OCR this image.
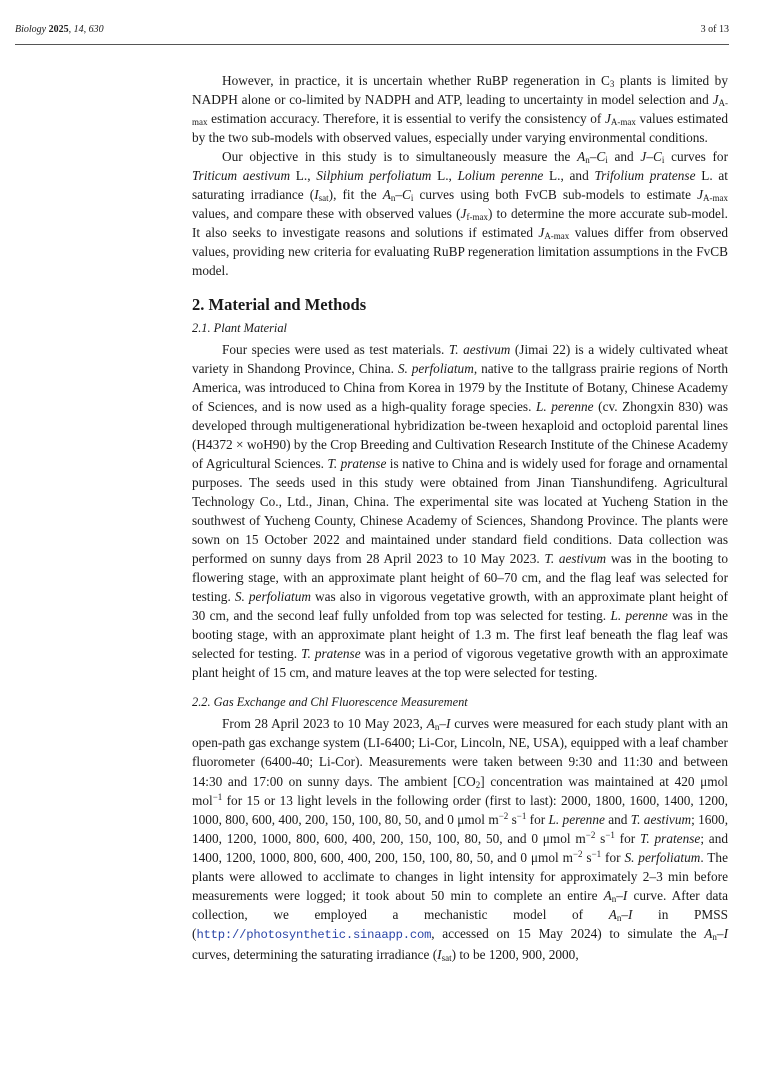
Biology 2025, 14, 630	3 of 13

However, in practice, it is uncertain whether RuBP regeneration in $C_3$ plants is limited by NADPH alone or co-limited by NADPH and ATP, leading to uncertainty in model selection and $J_{A-max}$ estimation accuracy. Therefore, it is essential to verify the consistency of $J_{A-max}$ values estimated by the two sub-models with observed values, especially under varying environmental conditions.

Our objective in this study is to simultaneously measure the $A_n-C_i$ and $J-C_i$ curves for Triticum aestivum L., Silphium perfoliatum L., Lolium perenne L., and Trifolium pratense L. at saturating irradiance $(I_{sat})$, fit the $A_n-C_i$ curves using both FvCB sub-models to estimate $J_{A-max}$ values, and compare these with observed values $(J_{f-max})$ to determine the more accurate sub-model. It also seeks to investigate reasons and solutions if estimated $J_{A-max}$ values differ from observed values, providing new criteria for evaluating RuBP regeneration limitation assumptions in the FvCB model.

2. Material and Methods
2.1. Plant Material

Four species were used as test materials. T. aestivum (Jimai 22) is a widely cultivated wheat variety in Shandong Province, China. S. perfoliatum, native to the tallgrass prairie regions of North America, was introduced to China from Korea in 1979 by the Institute of Botany, Chinese Academy of Sciences, and is now used as a high-quality forage species. L. perenne (cv. Zhongxin 830) was developed through multigenerational hybridization be-tween hexaploid and octoploid parental lines (H4372 × woH90) by the Crop Breeding and Cultivation Research Institute of the Chinese Academy of Agricultural Sciences. T. pratense is native to China and is widely used for forage and ornamental purposes. The seeds used in this study were obtained from Jinan Tianshundifeng. Agricultural Technology Co., Ltd., Jinan, China. The experimental site was located at Yucheng Station in the southwest of Yucheng County, Chinese Academy of Sciences, Shandong Province. The plants were sown on 15 October 2022 and maintained under standard field conditions. Data collection was performed on sunny days from 28 April 2023 to 10 May 2023. T. aestivum was in the booting to flowering stage, with an approximate plant height of 60–70 cm, and the flag leaf was selected for testing. S. perfoliatum was also in vigorous vegetative growth, with an approximate plant height of 30 cm, and the second leaf fully unfolded from top was selected for testing. L. perenne was in the booting stage, with an approximate plant height of 1.3 m. The first leaf beneath the flag leaf was selected for testing. T. pratense was in a period of vigorous vegetative growth with an approximate plant height of 15 cm, and mature leaves at the top were selected for testing.

2.2. Gas Exchange and Chl Fluorescence Measurement

From 28 April 2023 to 10 May 2023, $A_n-I$ curves were measured for each study plant with an open-path gas exchange system (LI-6400; Li-Cor, Lincoln, NE, USA), equipped with a leaf chamber fluorometer (6400-40; Li-Cor). Measurements were taken between 9:30 and 11:30 and between 14:30 and 17:00 on sunny days. The ambient $[CO_2]$ concentration was maintained at 420 μmol mol$^{-1}$ for 15 or 13 light levels in the following order (first to last): 2000, 1800, 1600, 1400, 1200, 1000, 800, 600, 400, 200, 150, 100, 80, 50, and 0 μmol $m^{-2}$ $s^{-1}$ for L. perenne and T. aestivum; 1600, 1400, 1200, 1000, 800, 600, 400, 200, 150, 100, 80, 50, and 0 μmol $m^{-2}$ $s^{-1}$ for T. pratense; and 1400, 1200, 1000, 800, 600, 400, 200, 150, 100, 80, 50, and 0 μmol $m^{-2}$ $s^{-1}$ for S. perfoliatum. The plants were allowed to acclimate to changes in light intensity for approximately 2–3 min before measurements were logged; it took about 50 min to complete an entire $A_n-I$ curve. After data collection, we employed a mechanistic model of $A_n-I$ in PMSS (http://photosynthetic.sinaapp.com, accessed on 15 May 2024) to simulate the $A_n-I$ curves, determining the saturating irradiance $(I_{sat})$ to be 1200, 900, 2000,
